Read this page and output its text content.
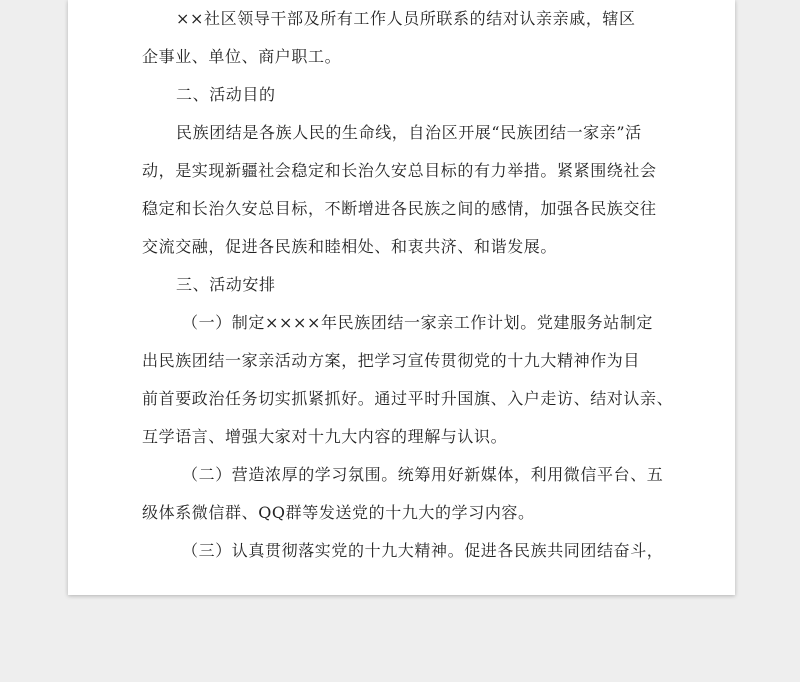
××社区领导干部及所有工作人员所联系的结对认亲亲戚，辖区
企事业、单位、商户职工。
二、活动目的
民族团结是各族人民的生命线，自治区开展“民族团结一家亲”活
动，是实现新疆社会稳定和长治久安总目标的有力举措。紧紧围绕社会
稳定和长治久安总目标，不断增进各民族之间的感情，加强各民族交往
交流交融，促进各民族和睦相处、和衷共济、和谐发展。
三、活动安排
（一）制定××××年民族团结一家亲工作计划。党建服务站制定
出民族团结一家亲活动方案，把学习宣传贯彻党的十九大精神作为目
前首要政治任务切实抓紧抓好。通过平时升国旗、入户走访、结对认亲、
互学语言、增强大家对十九大内容的理解与认识。
（二）营造浓厚的学习氛围。统筹用好新媒体，利用微信平台、五
级体系微信群、QQ群等发送党的十九大的学习内容。
（三）认真贯彻落实党的十九大精神。促进各民族共同团结奋斗，
